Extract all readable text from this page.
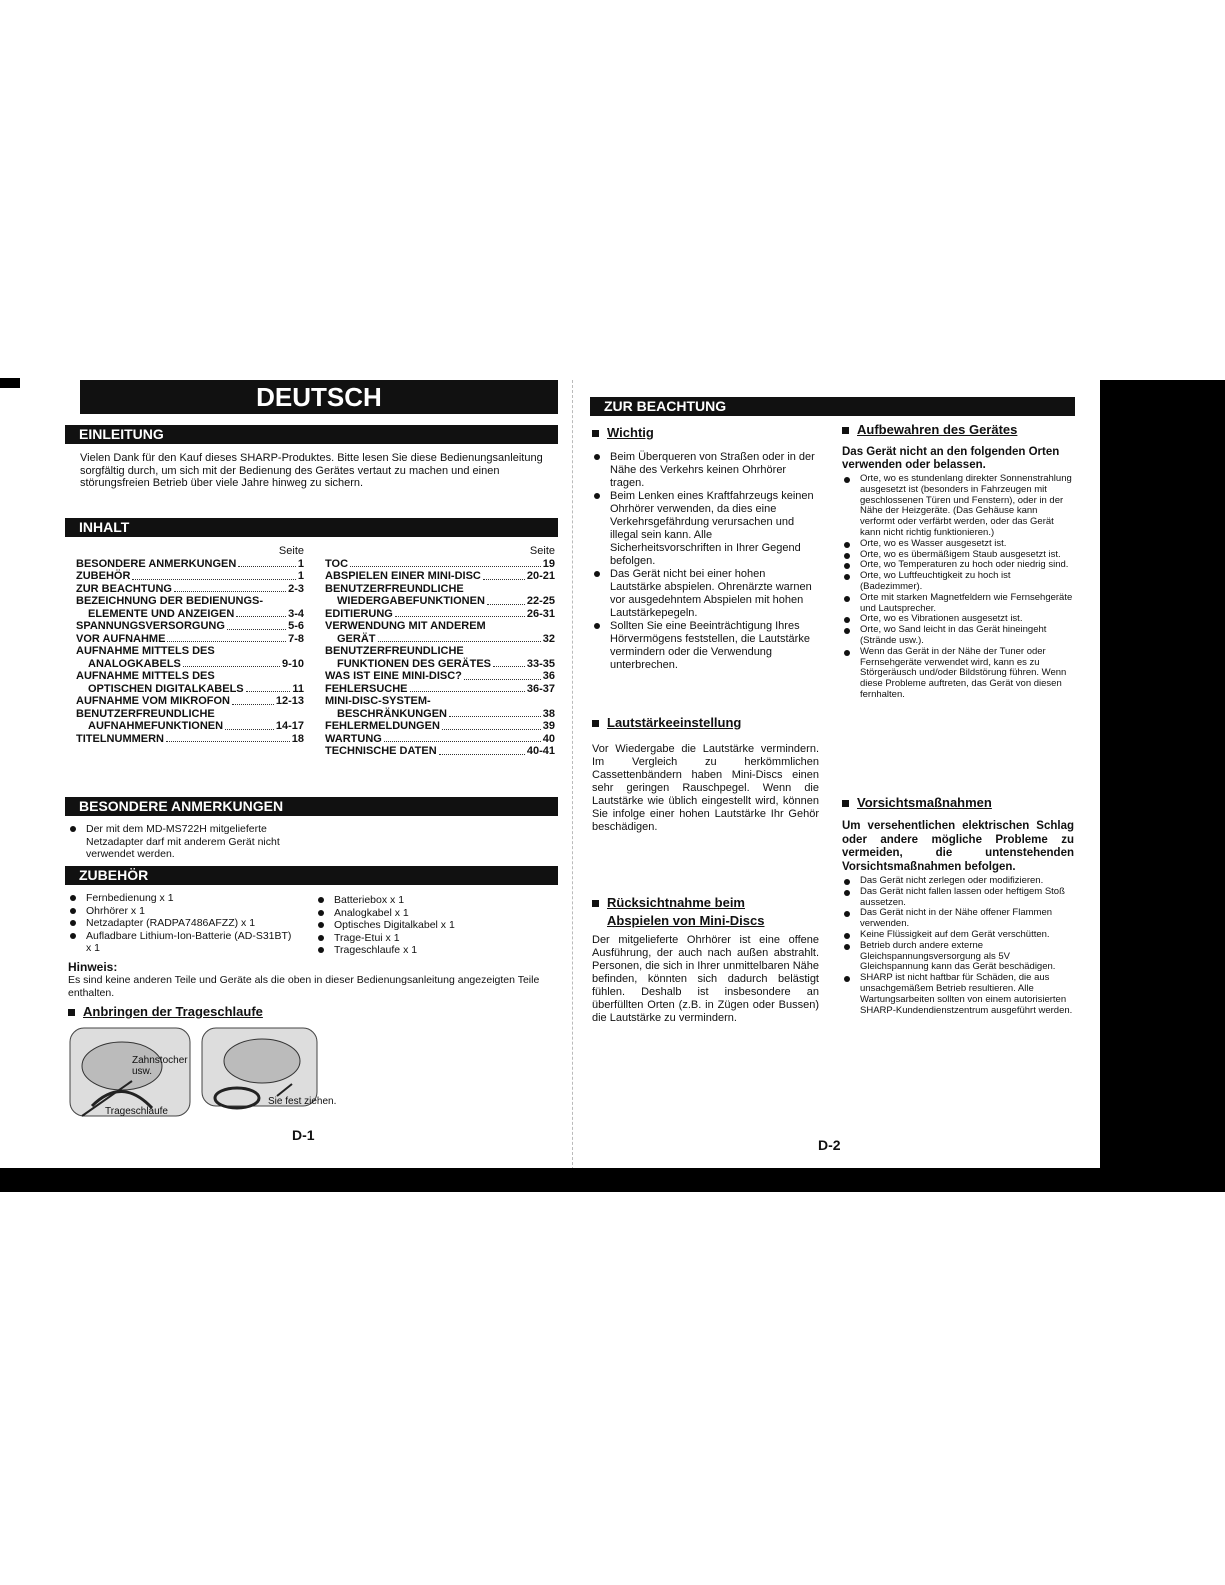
DEUTSCH
EINLEITUNG
Vielen Dank für den Kauf dieses SHARP-Produktes. Bitte lesen Sie diese Bedienungsanleitung sorgfältig durch, um sich mit der Bedienung des Gerätes vertaut zu machen und einen störungsfreien Betrieb über viele Jahre hinweg zu sichern.
INHALT
Seite
BESONDERE ANMERKUNGEN	1
ZUBEHÖR	1
ZUR BEACHTUNG	2-3
BEZEICHNUNG DER BEDIENUNGS-
ELEMENTE UND ANZEIGEN	3-4
SPANNUNGSVERSORGUNG	5-6
VOR AUFNAHME	7-8
AUFNAHME MITTELS DES
ANALOGKABELS	9-10
AUFNAHME MITTELS DES
OPTISCHEN DIGITALKABELS	11
AUFNAHME VOM MIKROFON	12-13
BENUTZERFREUNDLICHE
AUFNAHMEFUNKTIONEN	14-17
TITELNUMMERN	18
Seite
TOC	19
ABSPIELEN EINER MINI-DISC	20-21
BENUTZERFREUNDLICHE
WIEDERGABEFUNKTIONEN	22-25
EDITIERUNG	26-31
VERWENDUNG MIT ANDEREM
GERÄT	32
BENUTZERFREUNDLICHE
FUNKTIONEN DES GERÄTES	33-35
WAS IST EINE MINI-DISC?	36
FEHLERSUCHE	36-37
MINI-DISC-SYSTEM-
BESCHRÄNKUNGEN	38
FEHLERMELDUNGEN	39
WARTUNG	40
TECHNISCHE DATEN	40-41
BESONDERE ANMERKUNGEN
Der mit dem MD-MS722H mitgelieferte Netzadapter darf mit anderem Gerät nicht verwendet werden.
ZUBEHÖR
Fernbedienung x 1
Ohrhörer x 1
Netzadapter (RADPA7486AFZZ) x 1
Aufladbare Lithium-Ion-Batterie (AD-S31BT) x 1
Batteriebox x 1
Analogkabel x 1
Optisches Digitalkabel x 1
Trage-Etui x 1
Trageschlaufe x 1
Hinweis:
Es sind keine anderen Teile und Geräte als die oben in dieser Bedienungsanleitung angezeigten Teile enthalten.
Anbringen der Trageschlaufe
Zahnstocher usw.
Trageschlaufe
Sie fest ziehen.
D-1
ZUR BEACHTUNG
Wichtig
Beim Überqueren von Straßen oder in der Nähe des Verkehrs keinen Ohrhörer tragen.
Beim Lenken eines Kraftfahrzeugs keinen Ohrhörer verwenden, da dies eine Verkehrsgefährdung verursachen und illegal sein kann. Alle Sicherheitsvorschriften in Ihrer Gegend befolgen.
Das Gerät nicht bei einer hohen Lautstärke abspielen. Ohrenärzte warnen vor ausgedehntem Abspielen mit hohen Lautstärkepegeln.
Sollten Sie eine Beeinträchtigung Ihres Hörvermögens feststellen, die Lautstärke vermindern oder die Verwendung unterbrechen.
Lautstärkeeinstellung
Vor Wiedergabe die Lautstärke vermindern. Im Vergleich zu herkömmlichen Cassettenbändern haben Mini-Discs einen sehr geringen Rauschpegel. Wenn die Lautstärke wie üblich eingestellt wird, können Sie infolge einer hohen Lautstärke Ihr Gehör beschädigen.
Rücksichtnahme beim
Abspielen von Mini-Discs
Der mitgelieferte Ohrhörer ist eine offene Ausführung, der auch nach außen abstrahlt. Personen, die sich in Ihrer unmittelbaren Nähe befinden, könnten sich dadurch belästigt fühlen. Deshalb ist insbesondere an überfüllten Orten (z.B. in Zügen oder Bussen) die Lautstärke zu vermindern.
Aufbewahren des Gerätes
Das Gerät nicht an den folgenden Orten verwenden oder belassen.
Orte, wo es stundenlang direkter Sonnenstrahlung ausgesetzt ist (besonders in Fahrzeugen mit geschlossenen Türen und Fenstern), oder in der Nähe der Heizgeräte. (Das Gehäuse kann verformt oder verfärbt werden, oder das Gerät kann nicht richtig funktionieren.)
Orte, wo es Wasser ausgesetzt ist.
Orte, wo es übermäßigem Staub ausgesetzt ist.
Orte, wo Temperaturen zu hoch oder niedrig sind.
Orte, wo Luftfeuchtigkeit zu hoch ist (Badezimmer).
Orte mit starken Magnetfeldern wie Fernsehgeräte und Lautsprecher.
Orte, wo es Vibrationen ausgesetzt ist.
Orte, wo Sand leicht in das Gerät hineingeht (Strände usw.).
Wenn das Gerät in der Nähe der Tuner oder Fernsehgeräte verwendet wird, kann es zu Störgeräusch und/oder Bildstörung führen. Wenn diese Probleme auftreten, das Gerät von diesen fernhalten.
Vorsichtsmaßnahmen
Um versehentlichen elektrischen Schlag oder andere mögliche Probleme zu vermeiden, die untenstehenden Vorsichtsmaßnahmen befolgen.
Das Gerät nicht zerlegen oder modifizieren.
Das Gerät nicht fallen lassen oder heftigem Stoß aussetzen.
Das Gerät nicht in der Nähe offener Flammen verwenden.
Keine Flüssigkeit auf dem Gerät verschütten.
Betrieb durch andere externe Gleichspannungsversorgung als 5V Gleichspannung kann das Gerät beschädigen.
SHARP ist nicht haftbar für Schäden, die aus unsachgemäßem Betrieb resultieren. Alle Wartungsarbeiten sollten von einem autorisierten SHARP-Kundendienstzentrum ausgeführt werden.
D-2
